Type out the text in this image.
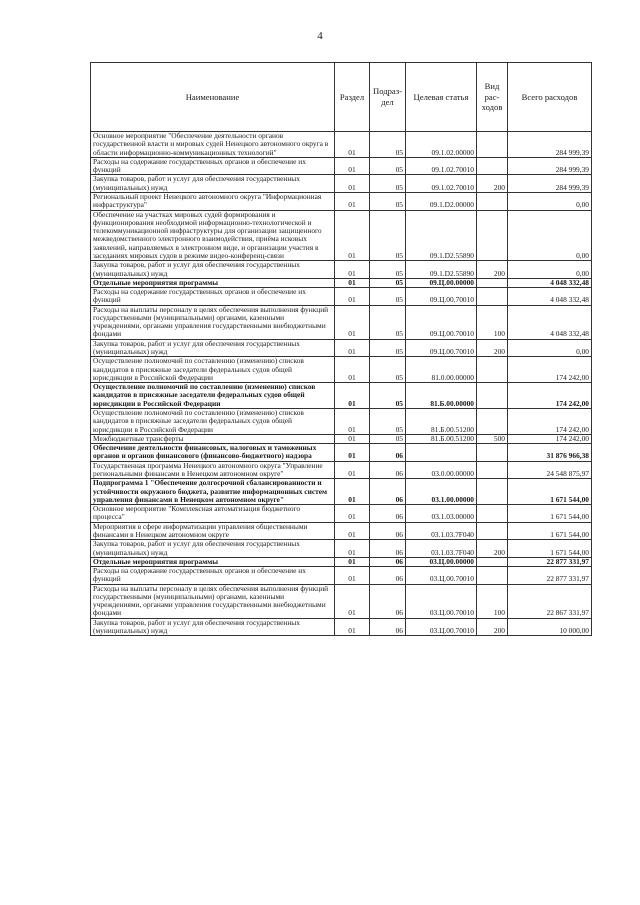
4
Наименование	Раздел	Подраз-дел	Целевая статья	Вид рас-ходов	Всего расходов
Основное мероприятие "Обеспечение деятельности органов государственной власти и мировых судей Ненецкого автономного округа в области информационно-коммуникационных технологий"	01	05	09.1.02.00000		284 999,39
Расходы на содержание государственных органов и обеспечение их функций	01	05	09.1.02.70010		284 999,39
Закупка товаров, работ и услуг для обеспечения государственных (муниципальных) нужд	01	05	09.1.02.70010	200	284 999,39
Региональный проект Ненецкого автономного округа "Информационная инфраструктура"	01	05	09.1.D2.00000		0,00
Обеспечение на участках мировых судей формирования и функционирования необходимой информационно-технологической и телекоммуникационной инфраструктуры для организации защищенного межведомственного электронного взаимодействия, приёма исковых заявлений, направляемых в электронном виде, и организации участия в заседаниях мировых судов в режиме видео-конференц-связи	01	05	09.1.D2.55890		0,00
Закупка товаров, работ и услуг для обеспечения государственных (муниципальных) нужд	01	05	09.1.D2.55890	200	0,00
Отдельные мероприятия программы	01	05	09.Ц.00.00000		4 048 332,48
Расходы на содержание государственных органов и обеспечение их функций	01	05	09.Ц.00.70010		4 048 332,48
Расходы на выплаты персоналу в целях обеспечения выполнения функций государственными (муниципальными) органами, казенными учреждениями, органами управления государственными внебюджетными фондами	01	05	09.Ц.00.70010	100	4 048 332,48
Закупка товаров, работ и услуг для обеспечения государственных (муниципальных) нужд	01	05	09.Ц.00.70010	200	0,00
Осуществление полномочий по составлению (изменению) списков кандидатов в присяжные заседатели федеральных судов общей юрисдикции в Российской Федерации	01	05	81.0.00.00000		174 242,00
Осуществление полномочий по составлению (изменению) списков кандидатов в присяжные заседатели федеральных судов общей юрисдикции в Российской Федерации	01	05	81.Б.00.00000		174 242,00
Осуществление полномочий по составлению (изменению) списков кандидатов в присяжные заседатели федеральных судов общей юрисдикции в Российской Федерации	01	05	81.Б.00.51200		174 242,00
Межбюджетные трансферты	01	05	81.Б.00.51200	500	174 242,00
Обеспечение деятельности финансовых, налоговых и таможенных органов и органов финансового (финансово-бюджетного) надзора	01	06			31 876 966,38
Государственная программа Ненецкого автономного округа "Управление региональными финансами в Ненецком автономном округе"	01	06	03.0.00.00000		24 548 875,97
Подпрограмма 1 "Обеспечение долгосрочной сбалансированности и устойчивости окружного бюджета, развитие информационных систем управления финансами в Ненецком автономном округе"	01	06	03.1.00.00000		1 671 544,00
Основное мероприятие "Комплексная автоматизация бюджетного процесса"	01	06	03.1.03.00000		1 671 544,00
Мероприятия в сфере информатизации управления общественными финансами в Ненецком автономном округе	01	06	03.1.03.7F040		1 671 544,00
Закупка товаров, работ и услуг для обеспечения государственных (муниципальных) нужд	01	06	03.1.03.7F040	200	1 671 544,00
Отдельные мероприятия программы	01	06	03.Ц.00.00000		22 877 331,97
Расходы на содержание государственных органов и обеспечение их функций	01	06	03.Ц.00.70010		22 877 331,97
Расходы на выплаты персоналу в целях обеспечения выполнения функций государственными (муниципальными) органами, казенными учреждениями, органами управления государственными внебюджетными фондами	01	06	03.Ц.00.70010	100	22 867 331,97
Закупка товаров, работ и услуг для обеспечения государственных (муниципальных) нужд	01	06	03.Ц.00.70010	200	10 000,00
